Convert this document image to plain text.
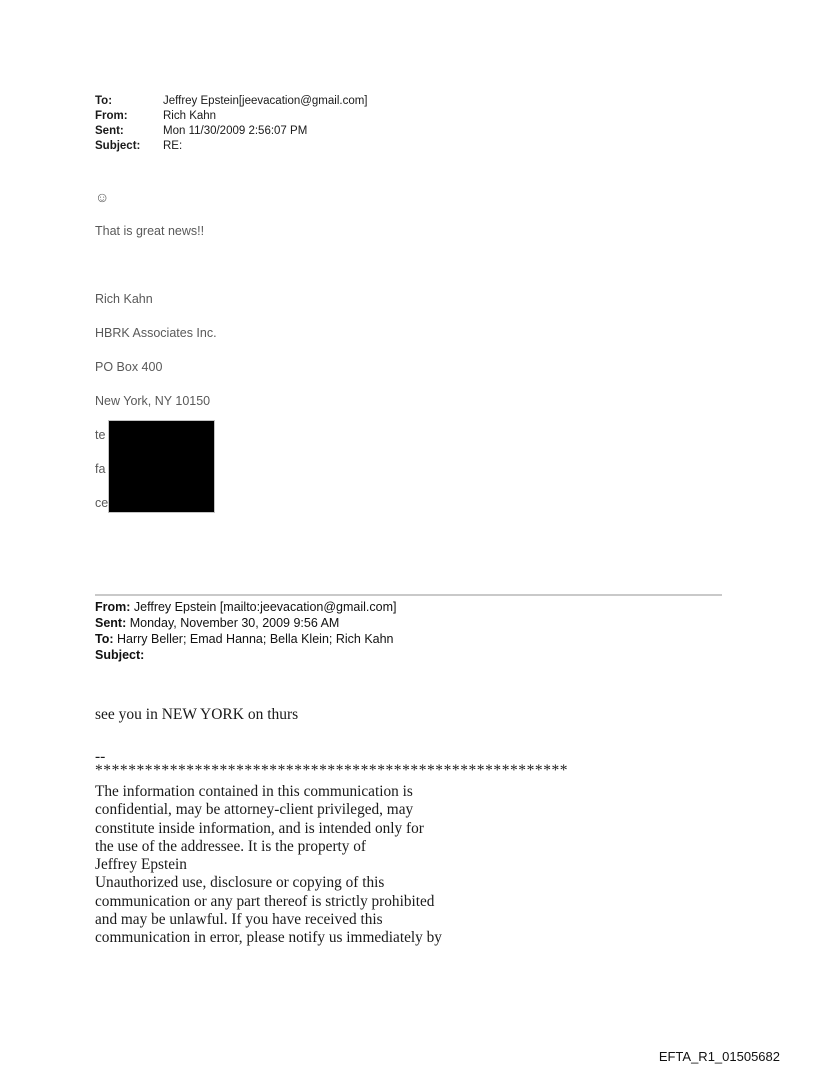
To:	Jeffrey Epstein[jeevacation@gmail.com]
From:	Rich Kahn
Sent:	Mon 11/30/2009 2:56:07 PM
Subject:	RE:
☺
That is great news!!
Rich Kahn
HBRK Associates Inc.
PO Box 400
New York, NY 10150
te
fa
ce
From: Jeffrey Epstein [mailto:jeevacation@gmail.com]
Sent: Monday, November 30, 2009 9:56 AM
To: Harry Beller; Emad Hanna; Bella Klein; Rich Kahn
Subject:
see you in NEW YORK on thurs
--
*********************************************************
The information contained in this communication is
confidential, may be attorney-client privileged, may
constitute inside information, and is intended only for
the use of the addressee. It is the property of
Jeffrey Epstein
Unauthorized use, disclosure or copying of this
communication or any part thereof is strictly prohibited
and may be unlawful. If you have received this
communication in error, please notify us immediately by
EFTA_R1_01505682
